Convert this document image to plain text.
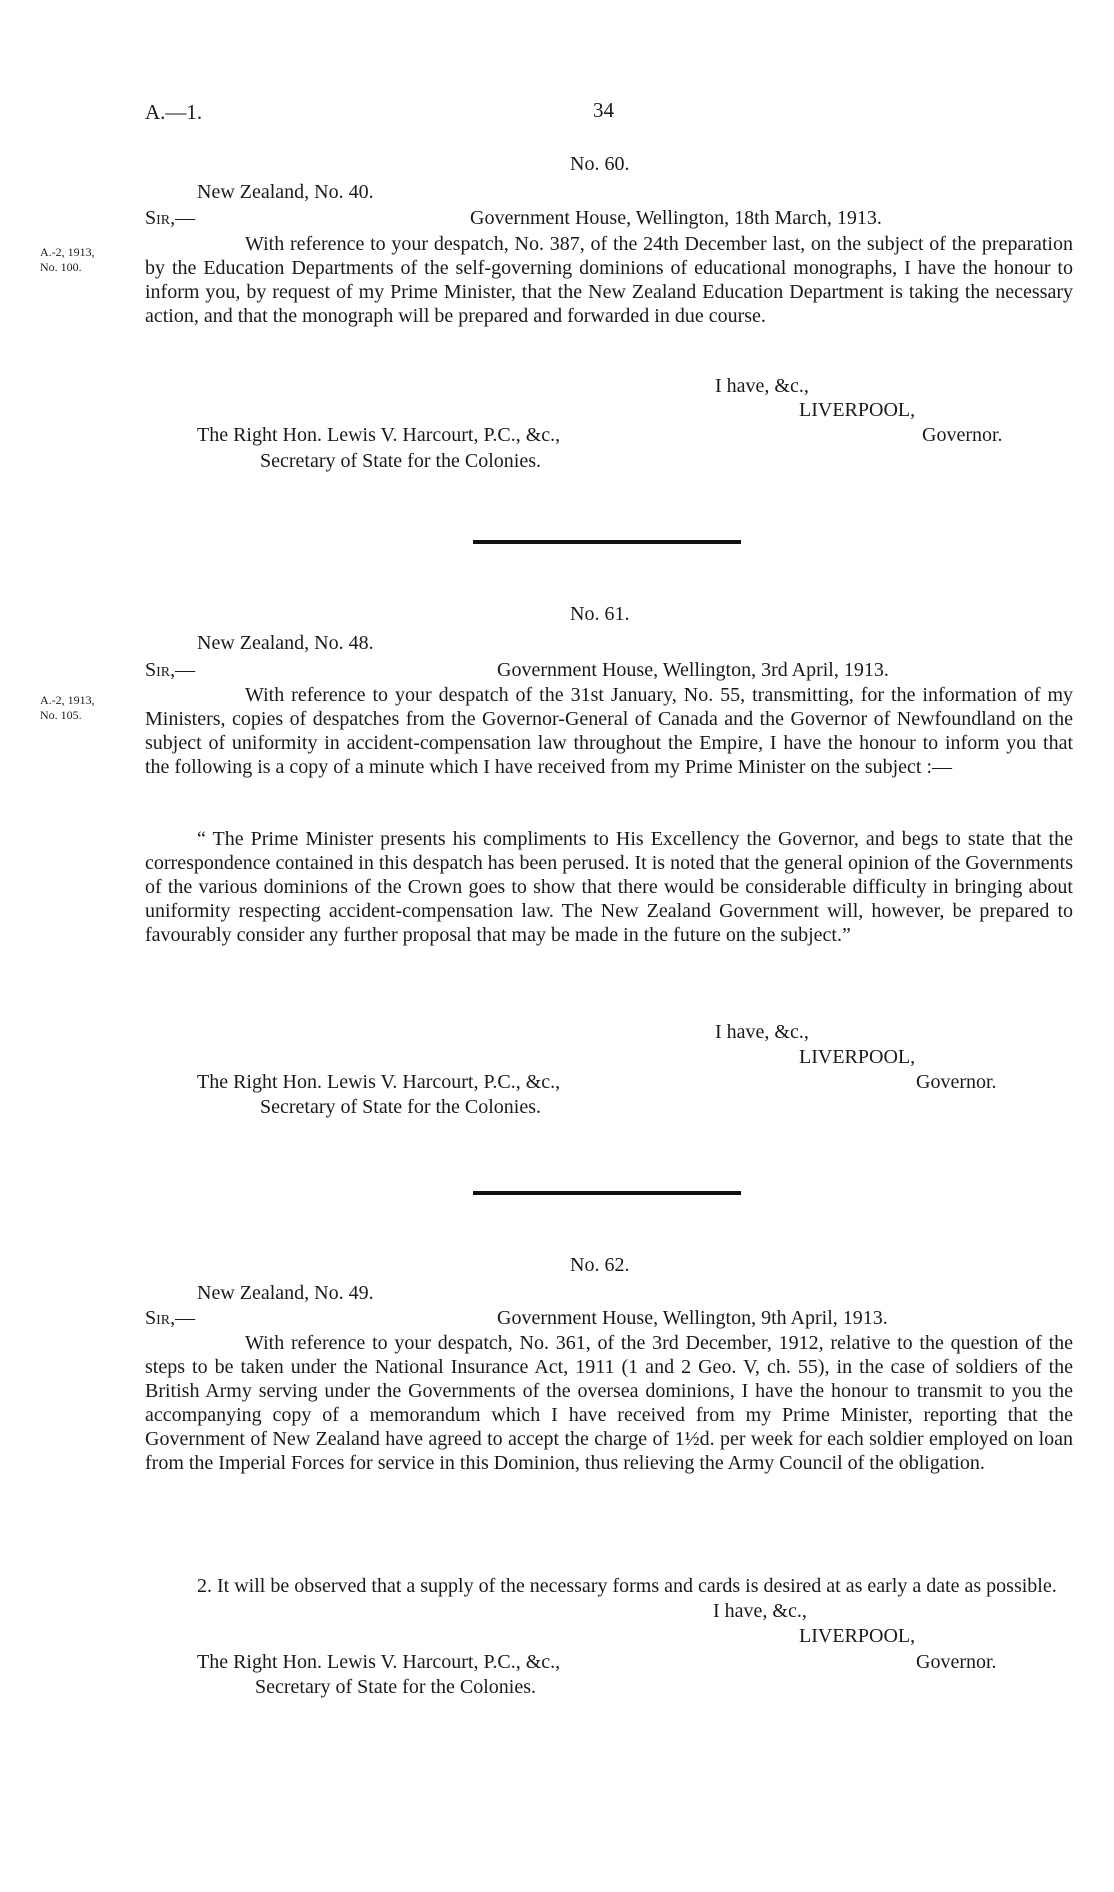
A.—1.	34
No. 60.
New Zealand, No. 40.
Sir,—	Government House, Wellington, 18th March, 1913.
A.-2, 1913,
No. 100.
With reference to your despatch, No. 387, of the 24th December last, on the subject of the preparation by the Education Departments of the self-governing dominions of educational monographs, I have the honour to inform you, by request of my Prime Minister, that the New Zealand Education Department is taking the necessary action, and that the monograph will be prepared and forwarded in due course.
I have, &c.,
LIVERPOOL,
The Right Hon. Lewis V. Harcourt, P.C., &c.,	Governor.
Secretary of State for the Colonies.
No. 61.
New Zealand, No. 48.
Sir,—	Government House, Wellington, 3rd April, 1913.
A.-2, 1913,
No. 105.
With reference to your despatch of the 31st January, No. 55, transmitting, for the information of my Ministers, copies of despatches from the Governor-General of Canada and the Governor of Newfoundland on the subject of uniformity in accident-compensation law throughout the Empire, I have the honour to inform you that the following is a copy of a minute which I have received from my Prime Minister on the subject :—
“ The Prime Minister presents his compliments to His Excellency the Governor, and begs to state that the correspondence contained in this despatch has been perused. It is noted that the general opinion of the Governments of the various dominions of the Crown goes to show that there would be considerable difficulty in bringing about uniformity respecting accident-compensation law. The New Zealand Government will, however, be prepared to favourably consider any further proposal that may be made in the future on the subject.”
I have, &c.,
LIVERPOOL,
The Right Hon. Lewis V. Harcourt, P.C., &c.,	Governor.
Secretary of State for the Colonies.
No. 62.
New Zealand, No. 49.
Sir,—	Government House, Wellington, 9th April, 1913.
With reference to your despatch, No. 361, of the 3rd December, 1912, relative to the question of the steps to be taken under the National Insurance Act, 1911 (1 and 2 Geo. V, ch. 55), in the case of soldiers of the British Army serving under the Governments of the oversea dominions, I have the honour to transmit to you the accompanying copy of a memorandum which I have received from my Prime Minister, reporting that the Government of New Zealand have agreed to accept the charge of 1½d. per week for each soldier employed on loan from the Imperial Forces for service in this Dominion, thus relieving the Army Council of the obligation.
2. It will be observed that a supply of the necessary forms and cards is desired at as early a date as possible.
I have, &c.,
LIVERPOOL,
The Right Hon. Lewis V. Harcourt, P.C., &c.,	Governor.
Secretary of State for the Colonies.
